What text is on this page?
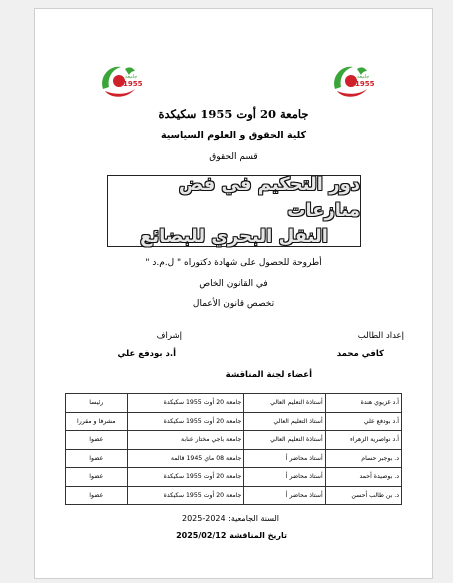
1955
ﺟﺎﻣﻌﺔ
1955
ﺟﺎﻣﻌﺔ
جامعة 20 أوت 1955 سكيكدة
كلية الحقوق و العلوم السياسية
قسم الحقوق
دور التحكيم في فض منازعات
النقل البحري للبضائع
أطروحة للحصول على شهادة دكتوراه " ل.م.د "
في القانون الخاص
تخصص قانون الأعمال
إعداد الطالب
كافي محمد
إشراف
أ.د بودفع علي
أعضاء لجنة المناقشة
أ.د غزيوي هندة	أستاذة التعليم العالي	جامعة 20 أوت 1955 سكيكدة	رئيسا
أ.د بودفع علي	أستاذ التعليم العالي	جامعة 20 أوت 1955 سكيكدة	مشرفا و مقررا
أ.د نواصرية الزهراء	أستاذة التعليم العالي	جامعة باجي مختار عنابة	عضوا
د. بوجبر حسام	أستاذ محاضر أ	جامعة 08 ماي 1945 قالمة	عضوا
د. بوصيدة أحمد	أستاذ محاضر أ	جامعة 20 أوت 1955 سكيكدة	عضوا
د. بن طالب أحسن	أستاذ محاضر أ	جامعة 20 أوت 1955 سكيكدة	عضوا
السنة الجامعية: 2024-2025
تاريخ المناقشة 2025/02/12
